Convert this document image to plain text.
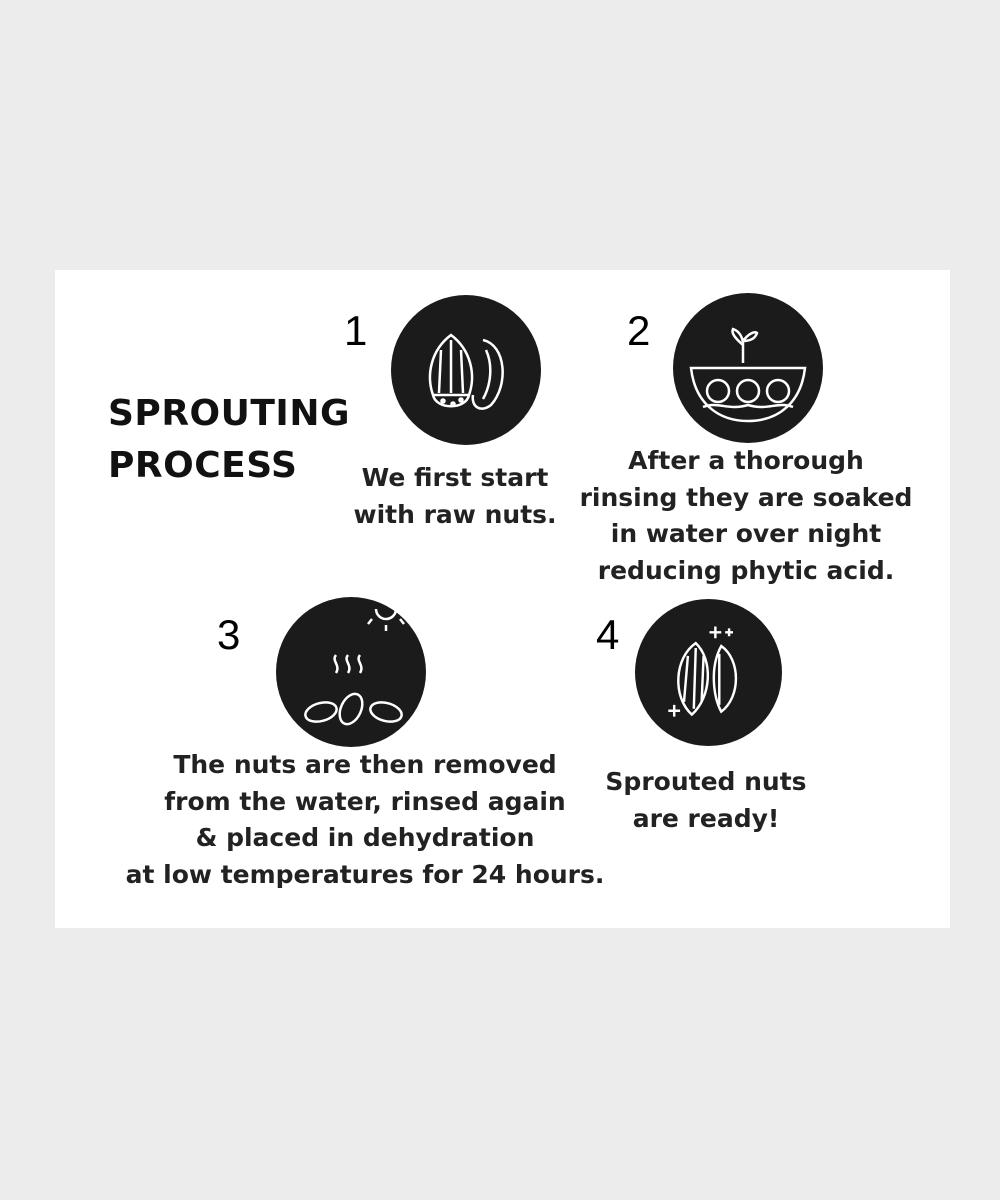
SPROUTING
PROCESS
1
We first start
with raw nuts.
2
After a thorough
rinsing they are soaked
in water over night
reducing phytic acid.
3
The nuts are then removed
from the water, rinsed again
& placed in dehydration
at low temperatures for 24 hours.
4
Sprouted nuts
are ready!
